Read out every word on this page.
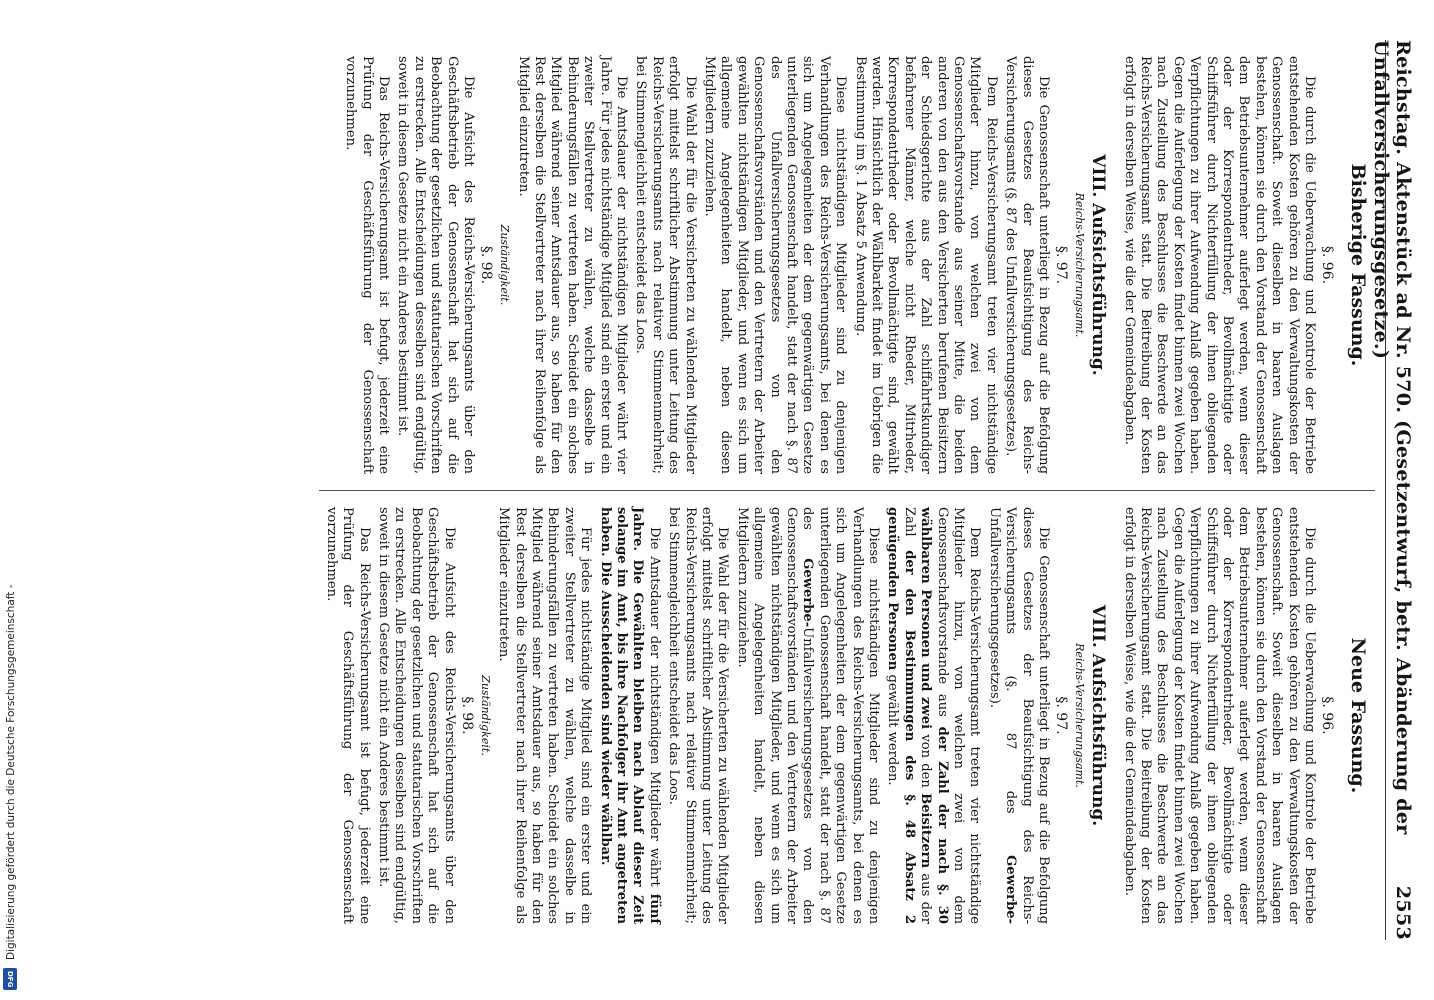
Reichstag. Aktenstück ad Nr. 570. (Gesetzentwurf, betr. Abänderung der Unfallversicherungsgesetze.)
2553
Bisherige Fassung.
§. 96.

Die durch die Ueberwachung und Kontrole der Betriebe entstehenden Kosten gehören zu den Verwaltungskosten der Genossenschaft. Soweit dieselben in baaren Auslagen bestehen, können sie durch den Vorstand der Genossenschaft dem Betriebsunternehmer auferlegt werden, wenn dieser oder der Korrespondentrheder, Bevollmächtigte oder Schiffsführer durch Nichterfüllung der ihnen obliegenden Verpflichtungen zu ihrer Aufwendung Anlaß gegeben haben. Gegen die Auferlegung der Kosten findet binnen zwei Wochen nach Zustellung des Beschlusses die Beschwerde an das Reichs-Versicherungsamt statt. Die Beitreibung der Kosten erfolgt in derselben Weise, wie die der Gemeindeabgaben.

VIII. Aufsichtsführung.
Reichs-Versicherungsamt.
§. 97.

Die Genossenschaft unterliegt in Bezug auf die Befolgung dieses Gesetzes der Beaufsichtigung des Reichs-Versicherungsamts (§. 87 des Unfallversicherungsgesetzes).

Dem Reichs-Versicherungsamt treten vier nichtständige Mitglieder hinzu, von welchen zwei von dem Genossenschaftsvorstande aus seiner Mitte, die beiden anderen von den aus den Versicherten berufenen Beisitzern der Schiedsgerichte aus der Zahl schiffahrtskundiger befahrener Männer, welche nicht Rheder, Mitrheder, Korrespondentrheder oder Bevollmächtigte sind, gewählt werden. Hinsichtlich der Wählbarkeit findet im Uebrigen die Bestimmung im §. 1 Absatz 5 Anwendung.

Diese nichtständigen Mitglieder sind zu denjenigen Verhandlungen des Reichs-Versicherungsamts, bei denen es sich um Angelegenheiten der dem gegenwärtigen Gesetze unterliegenden Genossenschaft handelt, statt der nach §. 87 des Unfallversicherungsgesetzes von den Genossenschaftsvorständen und den Vertretern der Arbeiter gewählten nichtständigen Mitglieder, und wenn es sich um allgemeine Angelegenheiten handelt, neben diesen Mitgliedern zuzuziehen.

Die Wahl der für die Versicherten zu wählenden Mitglieder erfolgt mittelst schriftlicher Abstimmung unter Leitung des Reichs-Versicherungsamts nach relativer Stimmenmehrheit; bei Stimmengleichheit entscheidet das Loos.

Die Amtsdauer der nichtständigen Mitglieder währt vier Jahre. Für jedes nichtständige Mitglied sind ein erster und ein zweiter Stellvertreter zu wählen, welche dasselbe in Behinderungsfällen zu vertreten haben. Scheidet ein solches Mitglied während seiner Amtsdauer aus, so haben für den Rest derselben die Stellvertreter nach ihrer Reihenfolge als Mitglied einzutreten.

Zuständigkeit.
§. 98.

Die Aufsicht des Reichs-Versicherungsamts über den Geschäftsbetrieb der Genossenschaft hat sich auf die Beobachtung der gesetzlichen und statutarischen Vorschriften zu erstrecken. Alle Entscheidungen desselben sind endgültig, soweit in diesem Gesetze nicht ein Anderes bestimmt ist.

Das Reichs-Versicherungsamt ist befugt, jederzeit eine Prüfung der Geschäftsführung der Genossenschaft vorzunehmen.

Neue Fassung.
§. 96.

Die durch die Ueberwachung und Kontrole der Betriebe entstehenden Kosten gehören zu den Verwaltungskosten der Genossenschaft. Soweit dieselben in baaren Auslagen bestehen, können sie durch den Vorstand der Genossenschaft dem Betriebsunternehmer auferlegt werden, wenn dieser oder der Korrespondentrheder, Bevollmächtigte oder Schiffsführer durch Nichterfüllung der ihnen obliegenden Verpflichtungen zu ihrer Aufwendung Anlaß gegeben haben. Gegen die Auferlegung der Kosten findet binnen zwei Wochen nach Zustellung des Beschlusses die Beschwerde an das Reichs-Versicherungsamt statt. Die Beitreibung der Kosten erfolgt in derselben Weise, wie die der Gemeindeabgaben.

VIII. Aufsichtsführung.
Reichs-Versicherungsamt.
§. 97.

Die Genossenschaft unterliegt in Bezug auf die Befolgung dieses Gesetzes der Beaufsichtigung des Reichs-Versicherungsamts (§. 87 des Gewerbe-Unfallversicherungsgesetzes).

Dem Reichs-Versicherungsamt treten vier nichtständige Mitglieder hinzu, von welchen zwei von dem Genossenschaftsvorstande aus der Zahl der nach §. 30 wählbaren Personen und zwei von den Beisitzern aus der Zahl der den Bestimmungen des §. 48 Absatz 2 genügenden Personen gewählt werden.

Diese nichtständigen Mitglieder sind zu denjenigen Verhandlungen des Reichs-Versicherungsamts, bei denen es sich um Angelegenheiten der dem gegenwärtigen Gesetze unterliegenden Genossenschaft handelt, statt der nach §. 87 des Gewerbe-Unfallversicherungsgesetzes von den Genossenschaftsvorständen und den Vertretern der Arbeiter gewählten nichtständigen Mitglieder, und wenn es sich um allgemeine Angelegenheiten handelt, neben diesen Mitgliedern zuzuziehen.

Die Wahl der für die Versicherten zu wählenden Mitglieder erfolgt mittelst schriftlicher Abstimmung unter Leitung des Reichs-Versicherungsamts nach relativer Stimmenmehrheit; bei Stimmengleichheit entscheidet das Loos.

Die Amtsdauer der nichtständigen Mitglieder währt fünf Jahre. Die Gewählten bleiben nach Ablauf dieser Zeit solange im Amt, bis ihre Nachfolger ihr Amt angetreten haben. Die Ausscheidenden sind wieder wählbar.

Für jedes nichtständige Mitglied sind ein erster und ein zweiter Stellvertreter zu wählen, welche dasselbe in Behinderungsfällen zu vertreten haben. Scheidet ein solches Mitglied während seiner Amtsdauer aus, so haben für den Rest derselben die Stellvertreter nach ihrer Reihenfolge als Mitglieder einzutreten.

Zuständigkeit.
§. 98.

Die Aufsicht des Reichs-Versicherungsamts über den Geschäftsbetrieb der Genossenschaft hat sich auf die Beobachtung der gesetzlichen und statutarischen Vorschriften zu erstrecken. Alle Entscheidungen desselben sind endgültig, soweit in diesem Gesetze nicht ein Anderes bestimmt ist.

Das Reichs-Versicherungsamt ist befugt, jederzeit eine Prüfung der Geschäftsführung der Genossenschaft vorzunehmen.

Digitalisierung gefördert durch die Deutsche Forschungsgemeinschaft -
DFG
